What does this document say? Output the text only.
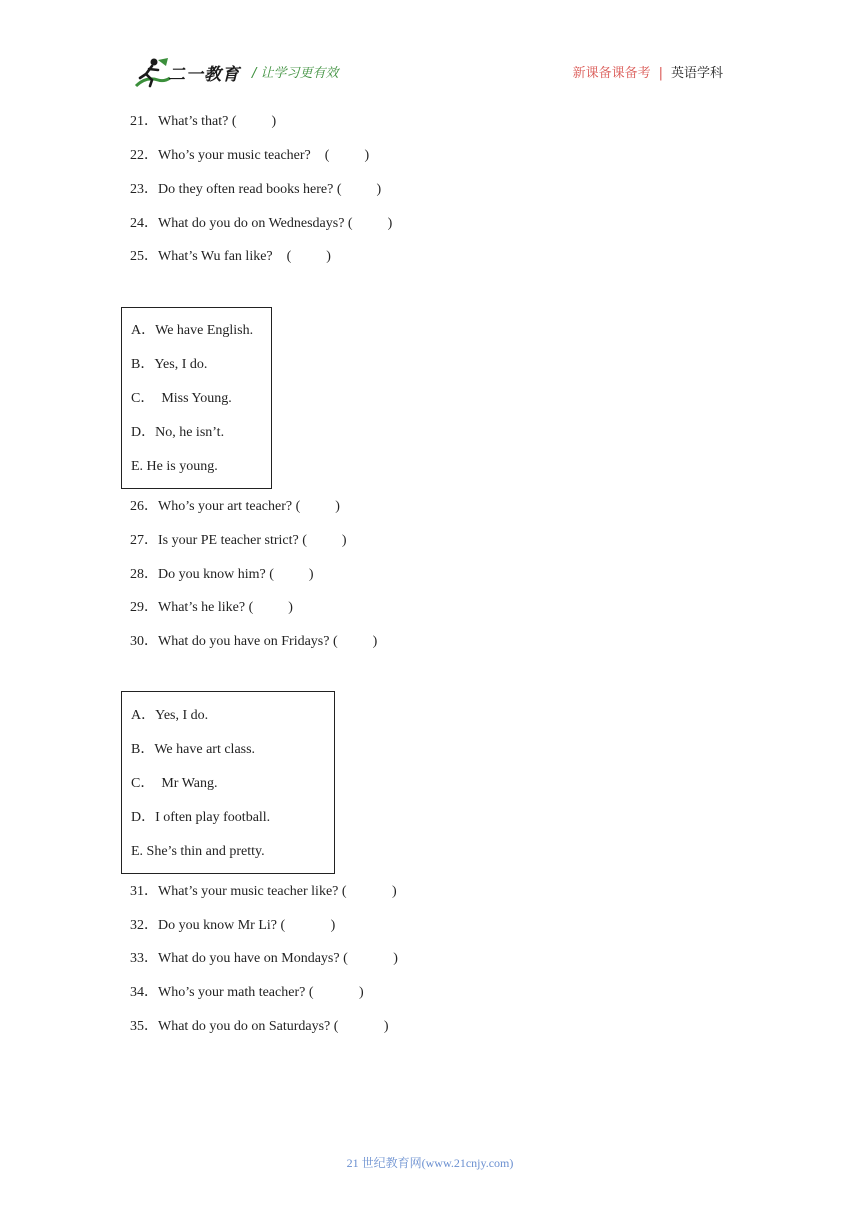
二一教育 / 让学习更有效	新课备课备考 | 英语学科
21．What’s that? (          )
22．Who’s your music teacher?    (          )
23．Do they often read books here? (          )
24．What do you do on Wednesdays? (          )
25．What’s Wu fan like?    (          )
A．We have English.
B．Yes, I do.
C．  Miss Young.
D．No, he isn’t.
E. He is young.
26．Who’s your art teacher? (          )
27．Is your PE teacher strict? (          )
28．Do you know him? (          )
29．What’s he like? (          )
30．What do you have on Fridays? (          )
A．Yes, I do.
B．We have art class.
C．  Mr Wang.
D．I often play football.
E. She’s thin and pretty.
31．What’s your music teacher like? (             )
32．Do you know Mr Li? (             )
33．What do you have on Mondays? (             )
34．Who’s your math teacher? (             )
35．What do you do on Saturdays? (             )
21 世纪教育网(www.21cnjy.com)
